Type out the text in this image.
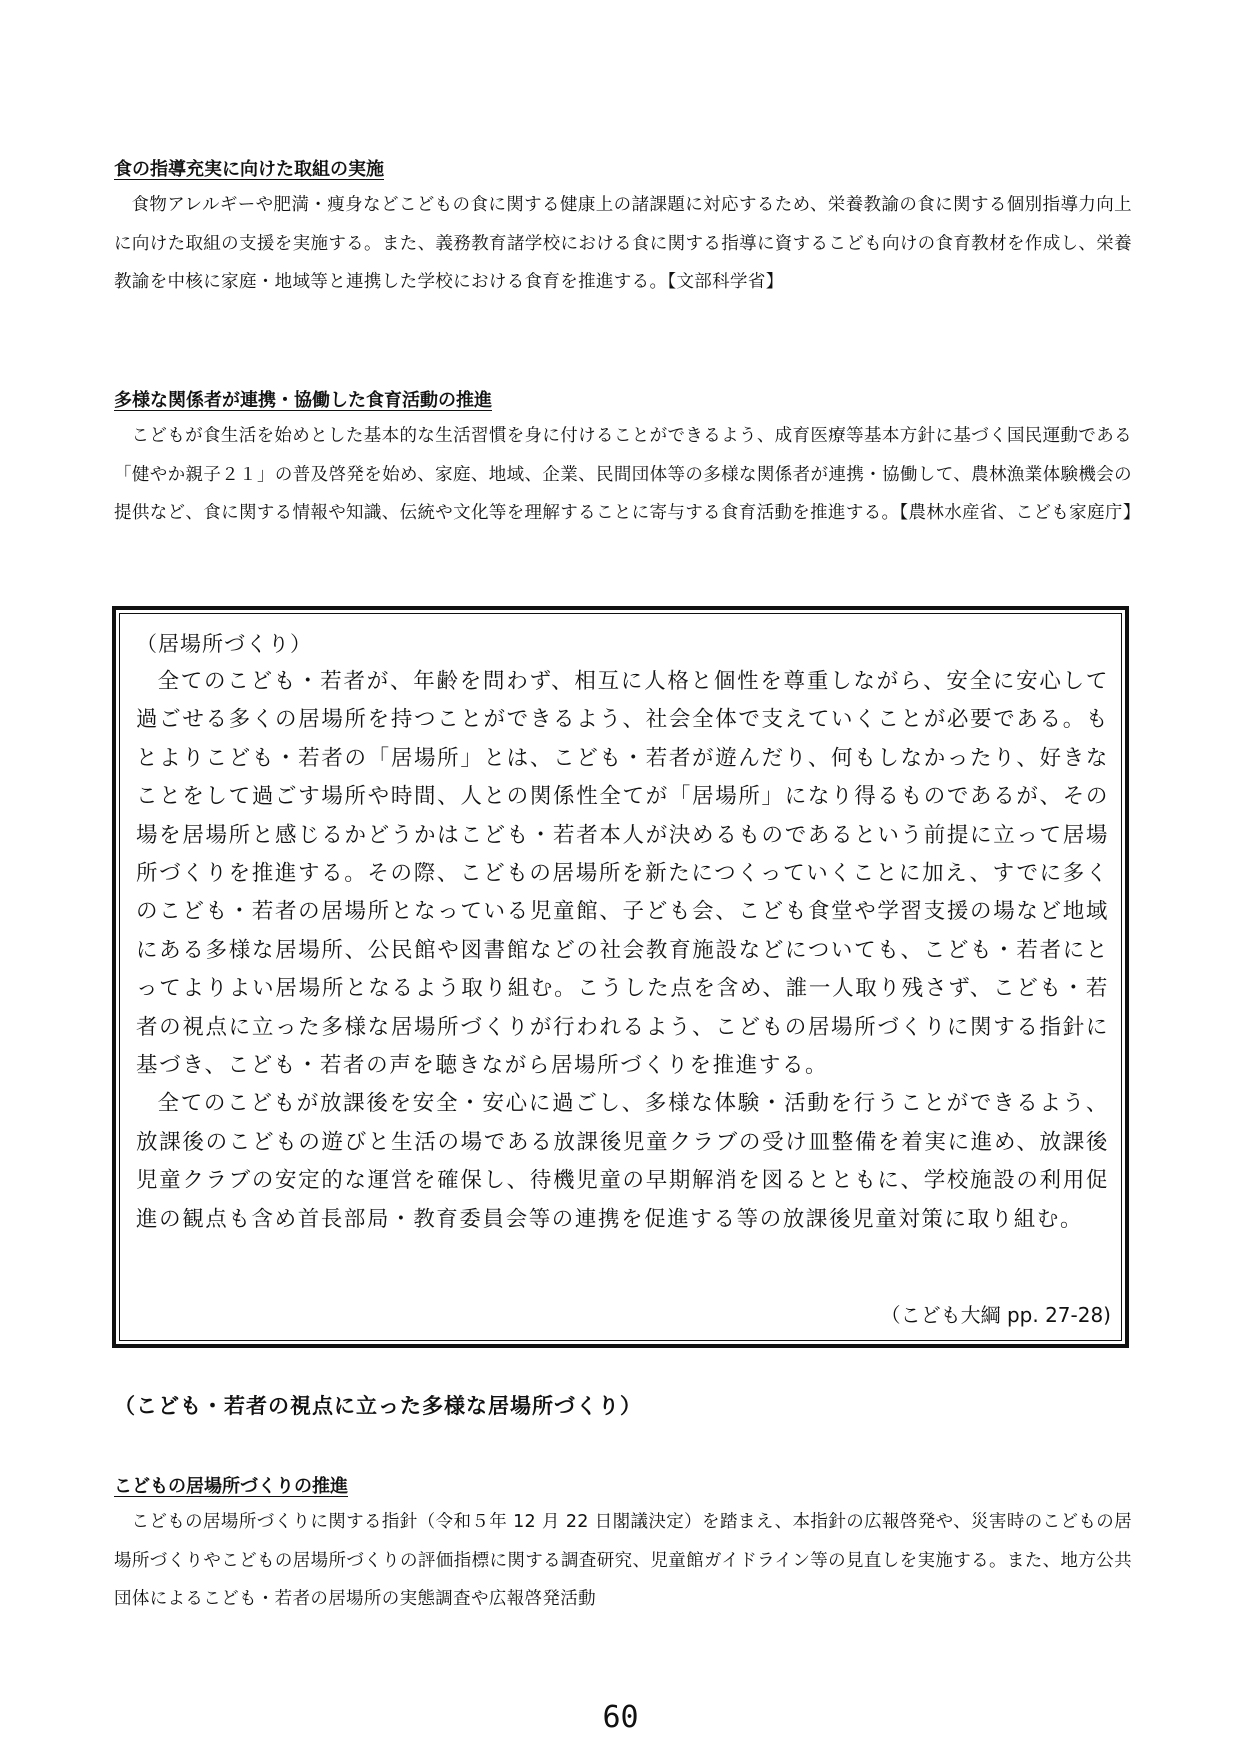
食の指導充実に向けた取組の実施

食物アレルギーや肥満・痩身などこどもの食に関する健康上の諸課題に対応するため、栄養教諭の食に関する個別指導力向上に向けた取組の支援を実施する。また、義務教育諸学校における食に関する指導に資するこども向けの食育教材を作成し、栄養教諭を中核に家庭・地域等と連携した学校における食育を推進する。【文部科学省】

多様な関係者が連携・協働した食育活動の推進

こどもが食生活を始めとした基本的な生活習慣を身に付けることができるよう、成育医療等基本方針に基づく国民運動である「健やか親子２１」の普及啓発を始め、家庭、地域、企業、民間団体等の多様な関係者が連携・協働して、農林漁業体験機会の提供など、食に関する情報や知識、伝統や文化等を理解することに寄与する食育活動を推進する。【農林水産省、こども家庭庁】

（居場所づくり）

全てのこども・若者が、年齢を問わず、相互に人格と個性を尊重しながら、安全に安心して過ごせる多くの居場所を持つことができるよう、社会全体で支えていくことが必要である。もとよりこども・若者の「居場所」とは、こども・若者が遊んだり、何もしなかったり、好きなことをして過ごす場所や時間、人との関係性全てが「居場所」になり得るものであるが、その場を居場所と感じるかどうかはこども・若者本人が決めるものであるという前提に立って居場所づくりを推進する。その際、こどもの居場所を新たにつくっていくことに加え、すでに多くのこども・若者の居場所となっている児童館、子ども会、こども食堂や学習支援の場など地域にある多様な居場所、公民館や図書館などの社会教育施設などについても、こども・若者にとってよりよい居場所となるよう取り組む。こうした点を含め、誰一人取り残さず、こども・若者の視点に立った多様な居場所づくりが行われるよう、こどもの居場所づくりに関する指針に基づき、こども・若者の声を聴きながら居場所づくりを推進する。

全てのこどもが放課後を安全・安心に過ごし、多様な体験・活動を行うことができるよう、放課後のこどもの遊びと生活の場である放課後児童クラブの受け皿整備を着実に進め、放課後児童クラブの安定的な運営を確保し、待機児童の早期解消を図るとともに、学校施設の利用促進の観点も含め首長部局・教育委員会等の連携を促進する等の放課後児童対策に取り組む。

（こども大綱 pp. 27-28)
（こども・若者の視点に立った多様な居場所づくり）
こどもの居場所づくりの推進

こどもの居場所づくりに関する指針（令和５年 12 月 22 日閣議決定）を踏まえ、本指針の広報啓発や、災害時のこどもの居場所づくりやこどもの居場所づくりの評価指標に関する調査研究、児童館ガイドライン等の見直しを実施する。また、地方公共団体によるこども・若者の居場所の実態調査や広報啓発活動

60
